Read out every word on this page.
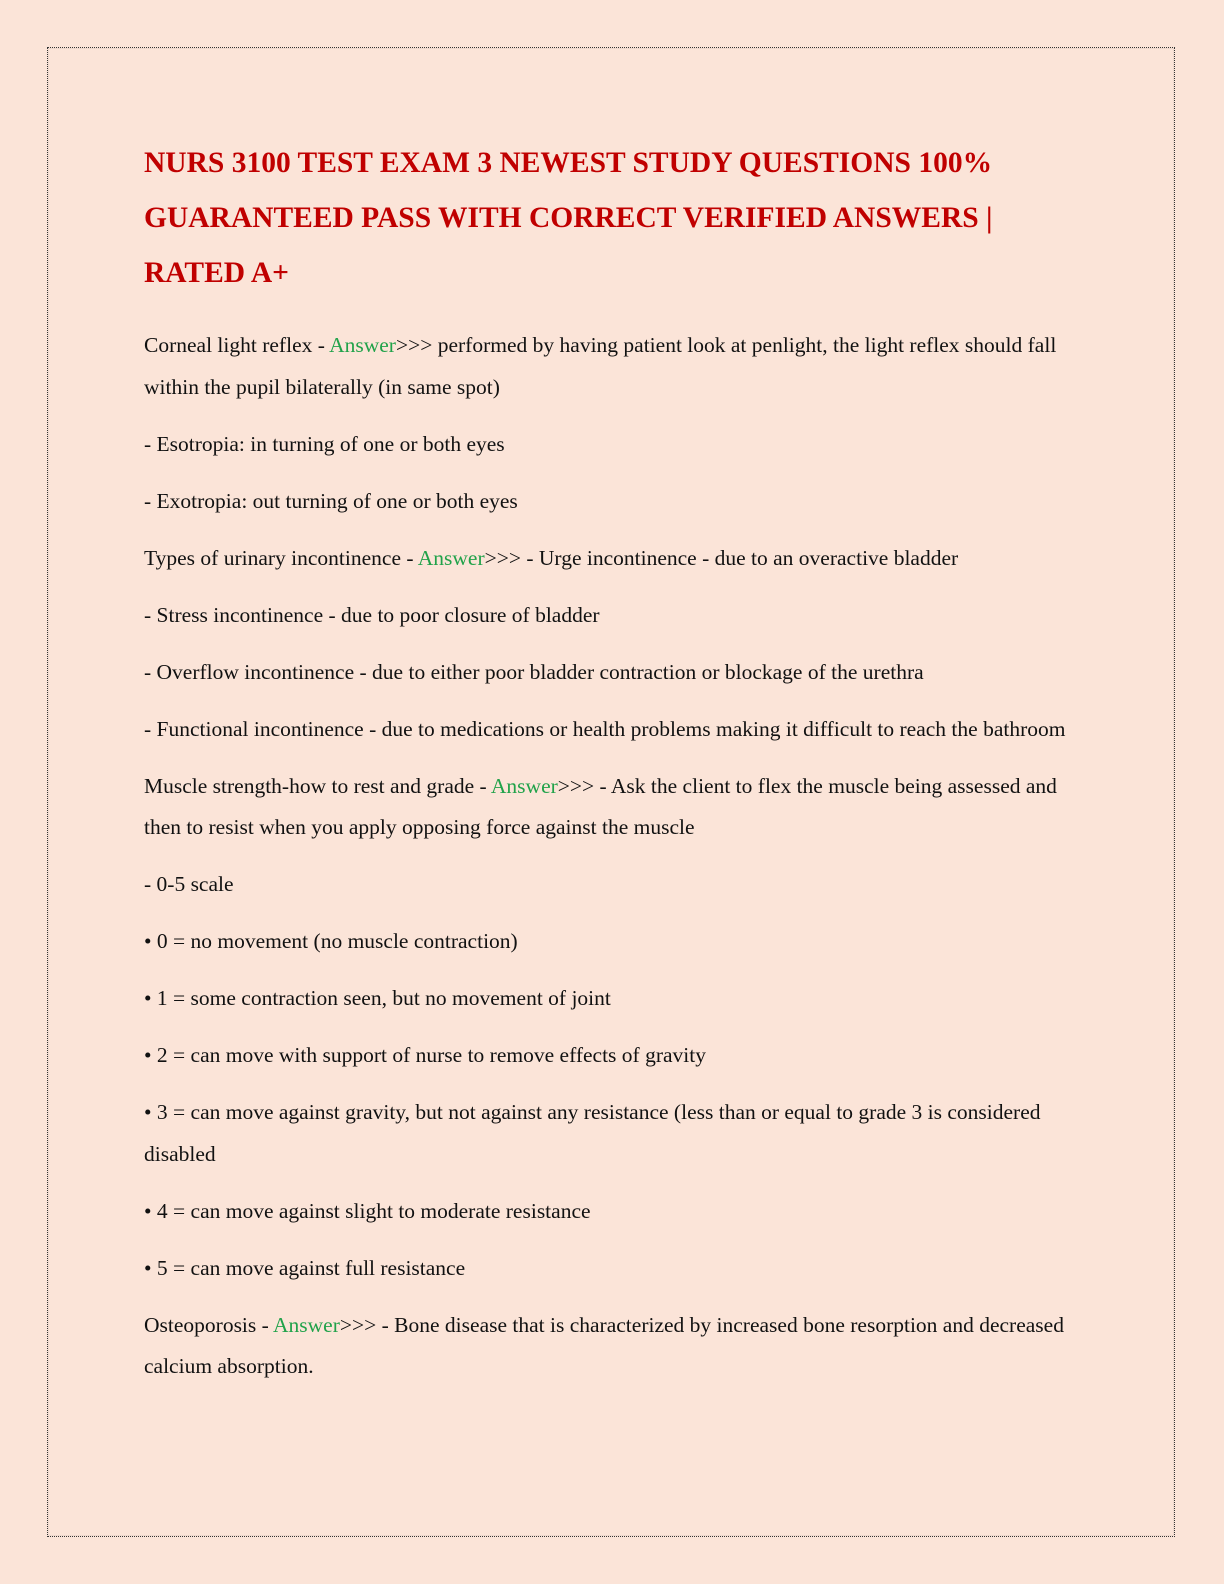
NURS 3100 TEST EXAM 3 NEWEST STUDY QUESTIONS 100% GUARANTEED PASS WITH CORRECT VERIFIED ANSWERS | RATED A+

Corneal light reflex - Answer>>> performed by having patient look at penlight, the light reflex should fall within the pupil bilaterally (in same spot)

- Esotropia: in turning of one or both eyes

- Exotropia: out turning of one or both eyes

Types of urinary incontinence - Answer>>> - Urge incontinence - due to an overactive bladder

- Stress incontinence - due to poor closure of bladder

- Overflow incontinence - due to either poor bladder contraction or blockage of the urethra

- Functional incontinence - due to medications or health problems making it difficult to reach the bathroom

Muscle strength-how to rest and grade - Answer>>> - Ask the client to flex the muscle being assessed and then to resist when you apply opposing force against the muscle

- 0-5 scale

• 0 = no movement (no muscle contraction)

• 1 = some contraction seen, but no movement of joint

• 2 = can move with support of nurse to remove effects of gravity

• 3 = can move against gravity, but not against any resistance (less than or equal to grade 3 is considered disabled

• 4 = can move against slight to moderate resistance

• 5 = can move against full resistance

Osteoporosis - Answer>>> - Bone disease that is characterized by increased bone resorption and decreased calcium absorption.
